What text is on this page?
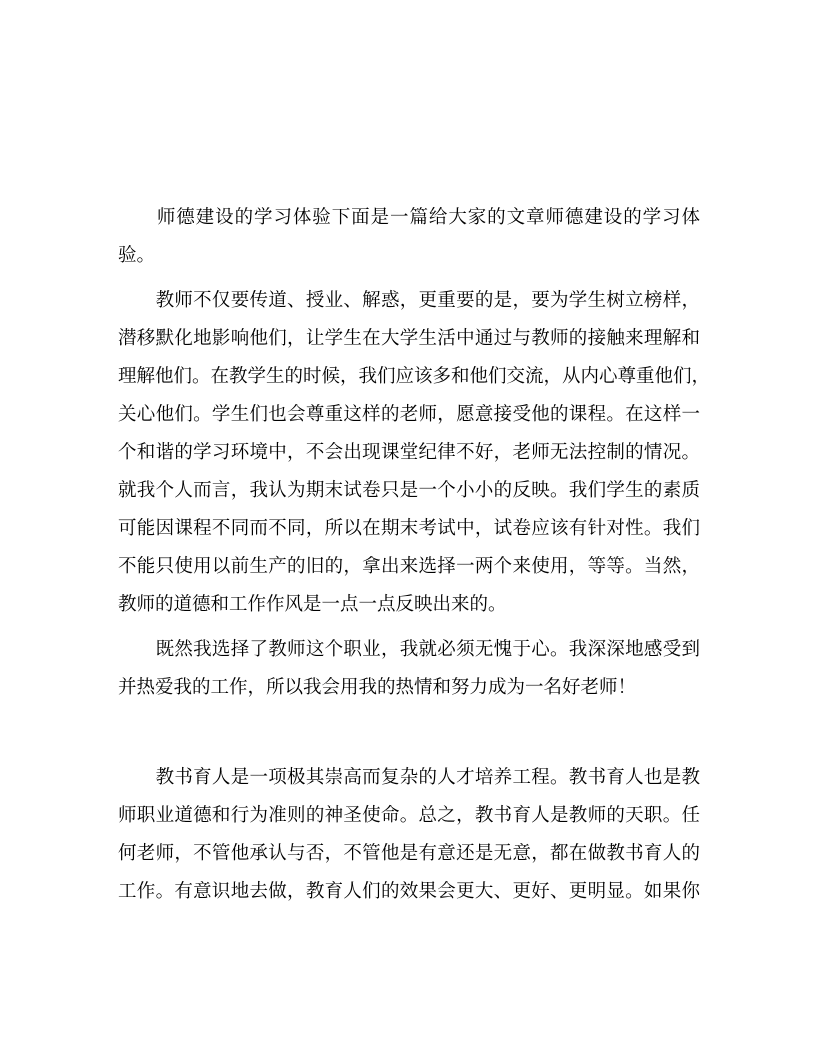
　　师德建设的学习体验下面是一篇给大家的文章师德建设的学习体
验。
　　教师不仅要传道、授业、解惑，更重要的是，要为学生树立榜样，
潜移默化地影响他们，让学生在大学生活中通过与教师的接触来理解和
理解他们。在教学生的时候，我们应该多和他们交流，从内心尊重他们，
关心他们。学生们也会尊重这样的老师，愿意接受他的课程。在这样一
个和谐的学习环境中，不会出现课堂纪律不好，老师无法控制的情况。
就我个人而言，我认为期末试卷只是一个小小的反映。我们学生的素质
可能因课程不同而不同，所以在期末考试中，试卷应该有针对性。我们
不能只使用以前生产的旧的，拿出来选择一两个来使用，等等。当然，
教师的道德和工作作风是一点一点反映出来的。
　　既然我选择了教师这个职业，我就必须无愧于心。我深深地感受到
并热爱我的工作，所以我会用我的热情和努力成为一名好老师！
　　教书育人是一项极其崇高而复杂的人才培养工程。教书育人也是教
师职业道德和行为准则的神圣使命。总之，教书育人是教师的天职。任
何老师，不管他承认与否，不管他是有意还是无意，都在做教书育人的
工作。有意识地去做，教育人们的效果会更大、更好、更明显。如果你
